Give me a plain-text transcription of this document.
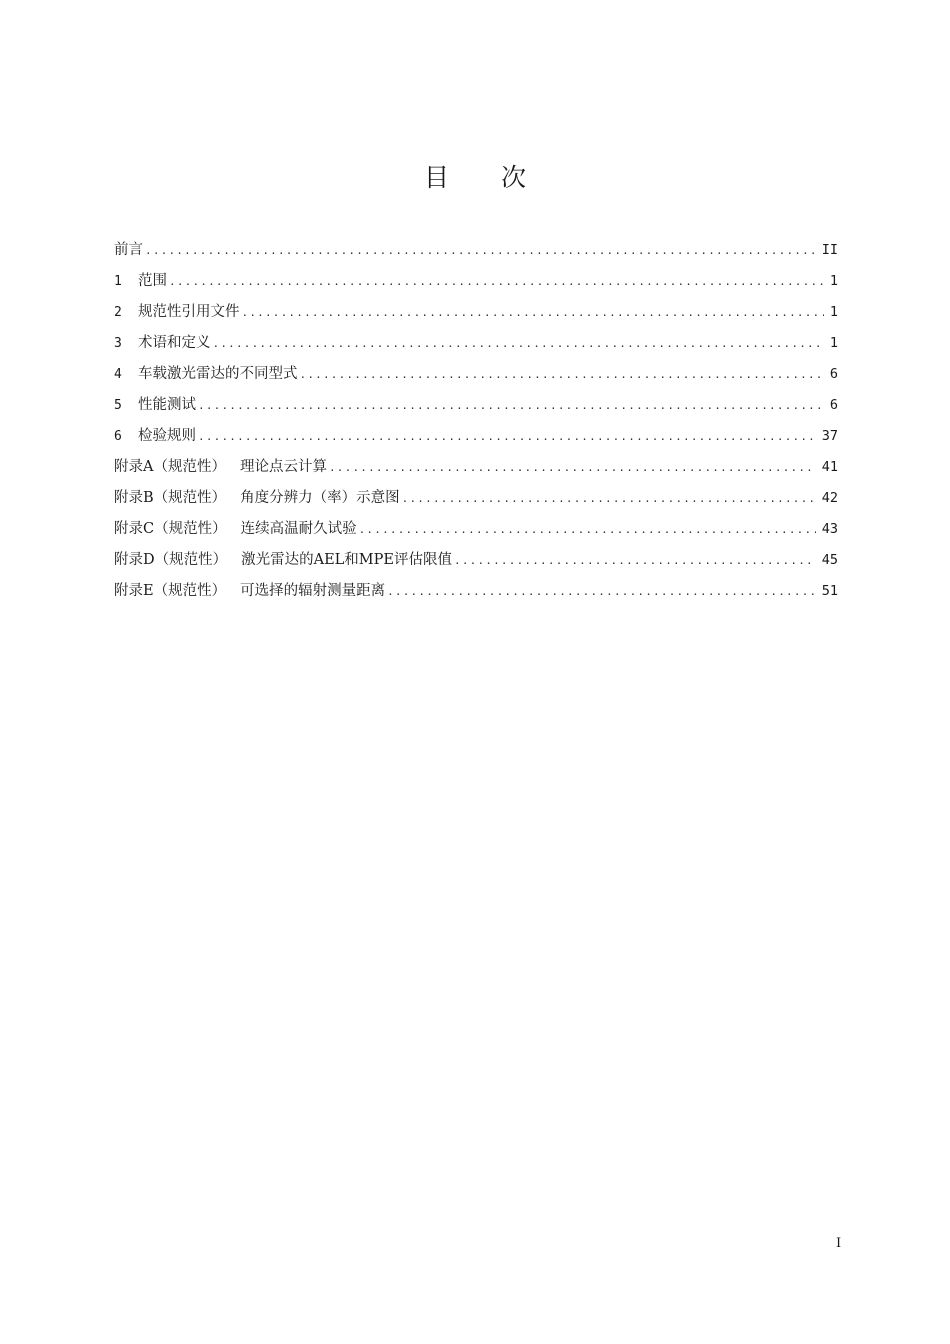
目 次
前言 .....	II
1	范围 .....	1
2	规范性引用文件 .....	1
3	术语和定义 .....	1
4	车载激光雷达的不同型式 .....	6
5	性能测试 .....	6
6	检验规则 .....	37
附录A（规范性） 理论点云计算 .....	41
附录B（规范性） 角度分辨力（率）示意图 .....	42
附录C（规范性） 连续高温耐久试验 .....	43
附录D（规范性） 激光雷达的AEL和MPE评估限值 .....	45
附录E（规范性） 可选择的辐射测量距离 .....	51
I
